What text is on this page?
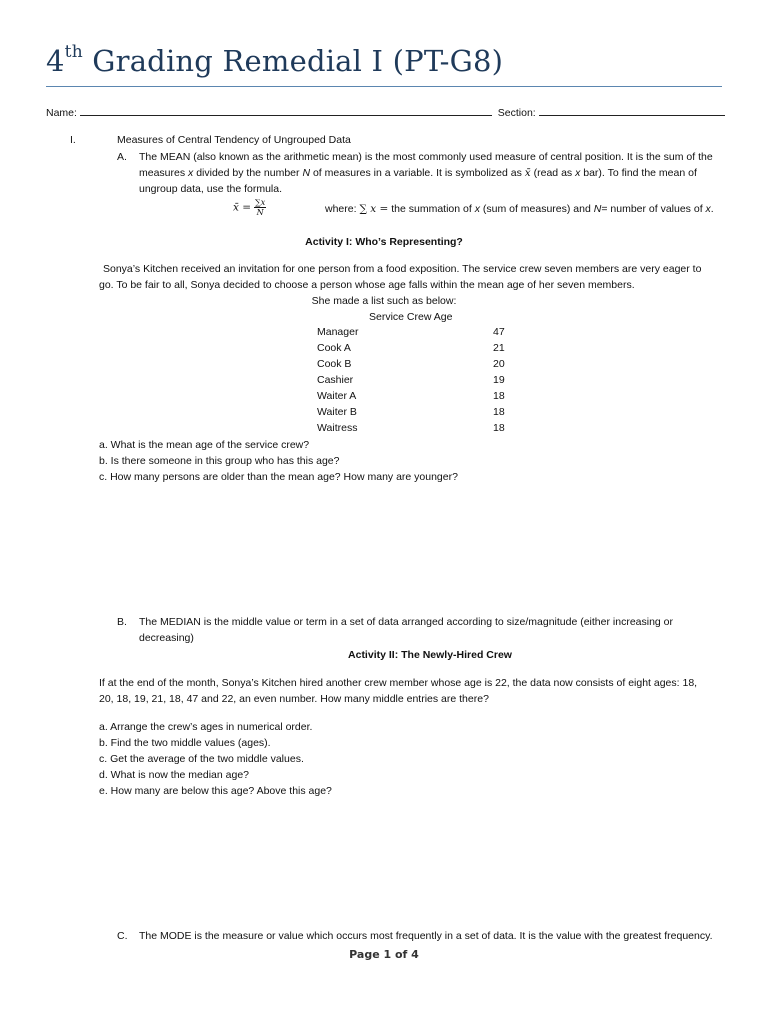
4th Grading Remedial I (PT-G8)
Name:	Section:
I.	Measures of Central Tendency of Ungrouped Data
A. The MEAN (also known as the arithmetic mean) is the most commonly used measure of central position. It is the sum of the
measures x divided by the number N of measures in a variable. It is symbolized as x̄ (read as x bar). To find the mean of
ungroup data, use the formula.
x̄ = $\frac{\sum x}{N}$	where: ∑ x = the summation of x (sum of measures) and N= number of values of x.
Activity I: Who’s Representing?
Sonya’s Kitchen received an invitation for one person from a food exposition. The service crew seven members are very eager to
go. To be fair to all, Sonya decided to choose a person whose age falls within the mean age of her seven members.
She made a list such as below:
Service Crew Age
Manager	47
Cook A	21
Cook B	20
Cashier	19
Waiter A	18
Waiter B	18
Waitress	18
a. What is the mean age of the service crew?
b. Is there someone in this group who has this age?
c. How many persons are older than the mean age? How many are younger?
B. The MEDIAN is the middle value or term in a set of data arranged according to size/magnitude (either increasing or
decreasing)
Activity II: The Newly-Hired Crew
If at the end of the month, Sonya’s Kitchen hired another crew member whose age is 22, the data now consists of eight ages: 18,
20, 18, 19, 21, 18, 47 and 22, an even number. How many middle entries are there?
a. Arrange the crew’s ages in numerical order.
b. Find the two middle values (ages).
c. Get the average of the two middle values.
d. What is now the median age?
e. How many are below this age? Above this age?
C. The MODE is the measure or value which occurs most frequently in a set of data. It is the value with the greatest frequency.
Page 1 of 4
